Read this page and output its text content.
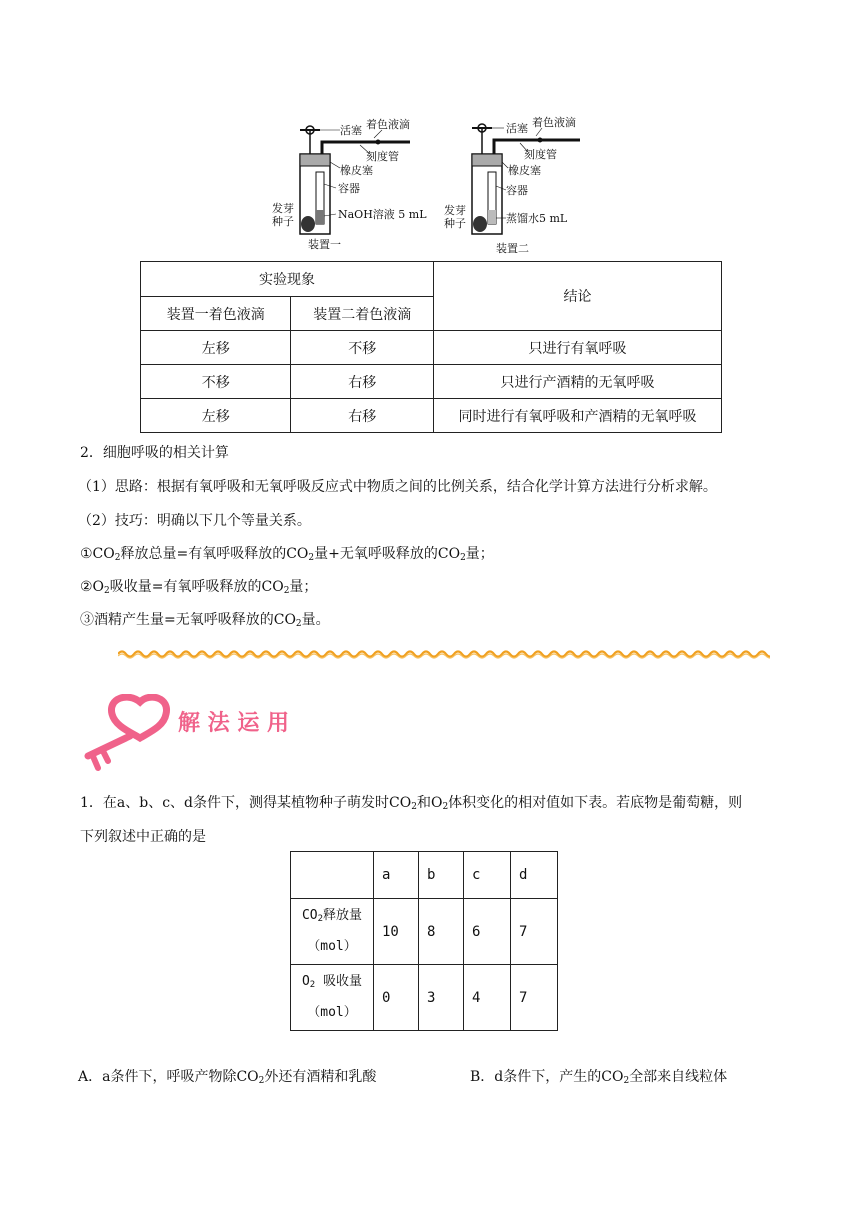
活塞 着色液滴
刻度管
橡皮塞
容器
NaOH溶液 5 mL
发芽
种子
装置一
活塞 着色液滴
刻度管
橡皮塞
容器
蒸馏水5 mL
发芽
种子
装置二
实验现象		结论
装置一着色液滴	装置二着色液滴	
左移	不移	只进行有氧呼吸
不移	右移	只进行产酒精的无氧呼吸
左移	右移	同时进行有氧呼吸和产酒精的无氧呼吸
2．细胞呼吸的相关计算
（1）思路：根据有氧呼吸和无氧呼吸反应式中物质之间的比例关系，结合化学计算方法进行分析求解。
（2）技巧：明确以下几个等量关系。
$①CO_2$释放总量=有氧呼吸释放的$CO_2$量+无氧呼吸释放的$CO_2$量；
$②O_2$吸收量=有氧呼吸释放的$CO_2$量；
③酒精产生量=无氧呼吸释放的$CO_2$量。
解 法 运 用
1．在a、b、c、d条件下，测得某植物种子萌发时$CO_2$和$O_2$体积变化的相对值如下表。若底物是葡萄糖，则
下列叙述中正确的是
	a	b	c	d
$CO_2$释放量
（mol）	10	8	6	7
$O_2$ 吸收量
（mol）	0	3	4	7
A．a条件下，呼吸产物除$CO_2$外还有酒精和乳酸	B．d条件下，产生的$CO_2$全部来自线粒体
